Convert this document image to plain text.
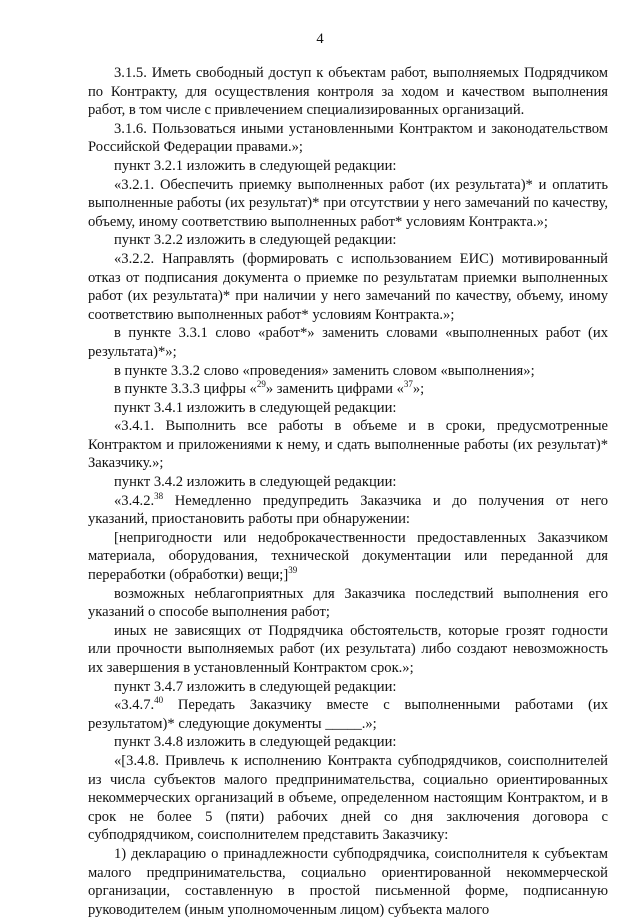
4

3.1.5. Иметь свободный доступ к объектам работ, выполняемых Подрядчиком по Контракту, для осуществления контроля за ходом и качеством выполнения работ, в том числе с привлечением специализированных организаций.

3.1.6. Пользоваться иными установленными Контрактом и законодательством Российской Федерации правами.»;

пункт 3.2.1 изложить в следующей редакции:

«3.2.1. Обеспечить приемку выполненных работ (их результата)* и оплатить выполненные работы (их результат)* при отсутствии у него замечаний по качеству, объему, иному соответствию выполненных работ* условиям Контракта.»;

пункт 3.2.2 изложить в следующей редакции:

«3.2.2. Направлять (формировать с использованием ЕИС) мотивированный отказ от подписания документа о приемке по результатам приемки выполненных работ (их результата)* при наличии у него замечаний по качеству, объему, иному соответствию выполненных работ* условиям Контракта.»;

в пункте 3.3.1 слово «работ*» заменить словами «выполненных работ (их результата)*»;

в пункте 3.3.2 слово «проведения» заменить словом «выполнения»;

в пункте 3.3.3 цифры «$^{29}$» заменить цифрами «$^{37}$»;

пункт 3.4.1 изложить в следующей редакции:

«3.4.1. Выполнить все работы в объеме и в сроки, предусмотренные Контрактом и приложениями к нему, и сдать выполненные работы (их результат)* Заказчику.»;

пункт 3.4.2 изложить в следующей редакции:

«3.4.2.38 Немедленно предупредить Заказчика и до получения от него указаний, приостановить работы при обнаружении:

[непригодности или недоброкачественности предоставленных Заказчиком материала, оборудования, технической документации или переданной для переработки (обработки) вещи;]$^{39}$

возможных неблагоприятных для Заказчика последствий выполнения его указаний о способе выполнения работ;

иных не зависящих от Подрядчика обстоятельств, которые грозят годности или прочности выполняемых работ (их результата) либо создают невозможность их завершения в установленный Контрактом срок.»;

пункт 3.4.7 изложить в следующей редакции:

«3.4.7.40 Передать Заказчику вместе с выполненными работами (их результатом)* следующие документы _____.»;

пункт 3.4.8 изложить в следующей редакции:

«[3.4.8. Привлечь к исполнению Контракта субподрядчиков, соисполнителей из числа субъектов малого предпринимательства, социально ориентированных некоммерческих организаций в объеме, определенном настоящим Контрактом, и в срок не более 5 (пяти) рабочих дней со дня заключения договора с субподрядчиком, соисполнителем представить Заказчику:

1) декларацию о принадлежности субподрядчика, соисполнителя к субъектам малого предпринимательства, социально ориентированной некоммерческой организации, составленную в простой письменной форме, подписанную руководителем (иным уполномоченным лицом) субъекта малого
